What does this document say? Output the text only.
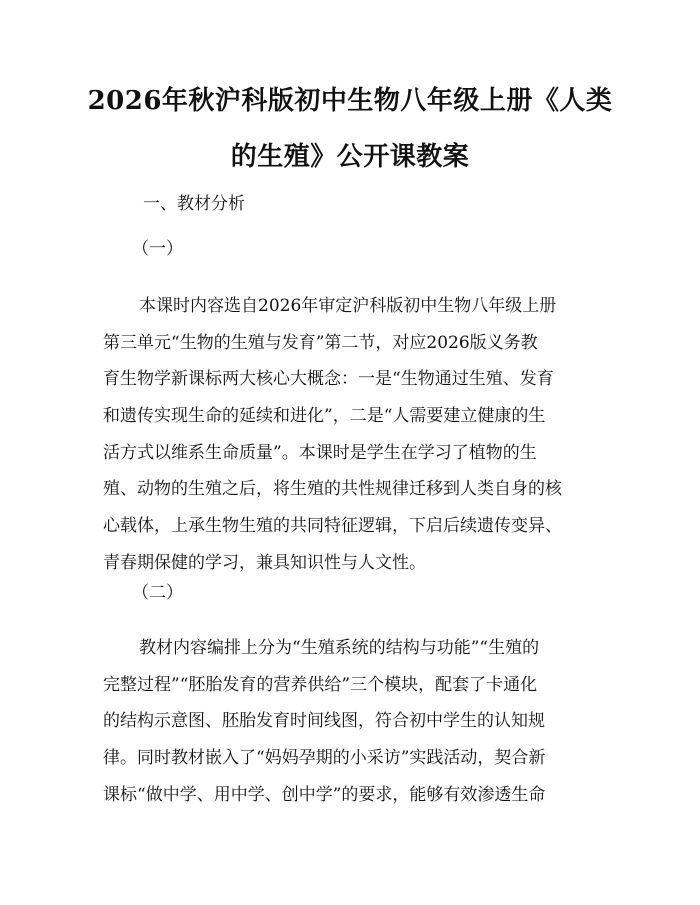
2026年秋沪科版初中生物八年级上册《人类
的生殖》公开课教案

一、教材分析

（一）

本课时内容选自2026年审定沪科版初中生物八年级上册
第三单元“生物的生殖与发育”第二节，对应2026版义务教
育生物学新课标两大核心大概念：一是“生物通过生殖、发育
和遗传实现生命的延续和进化”，二是“人需要建立健康的生
活方式以维系生命质量”。本课时是学生在学习了植物的生
殖、动物的生殖之后，将生殖的共性规律迁移到人类自身的核
心载体，上承生物生殖的共同特征逻辑，下启后续遗传变异、
青春期保健的学习，兼具知识性与人文性。

（二）

教材内容编排上分为“生殖系统的结构与功能”“生殖的
完整过程”“胚胎发育的营养供给”三个模块，配套了卡通化
的结构示意图、胚胎发育时间线图，符合初中学生的认知规
律。同时教材嵌入了“妈妈孕期的小采访”实践活动，契合新
课标“做中学、用中学、创中学”的要求，能够有效渗透生命
